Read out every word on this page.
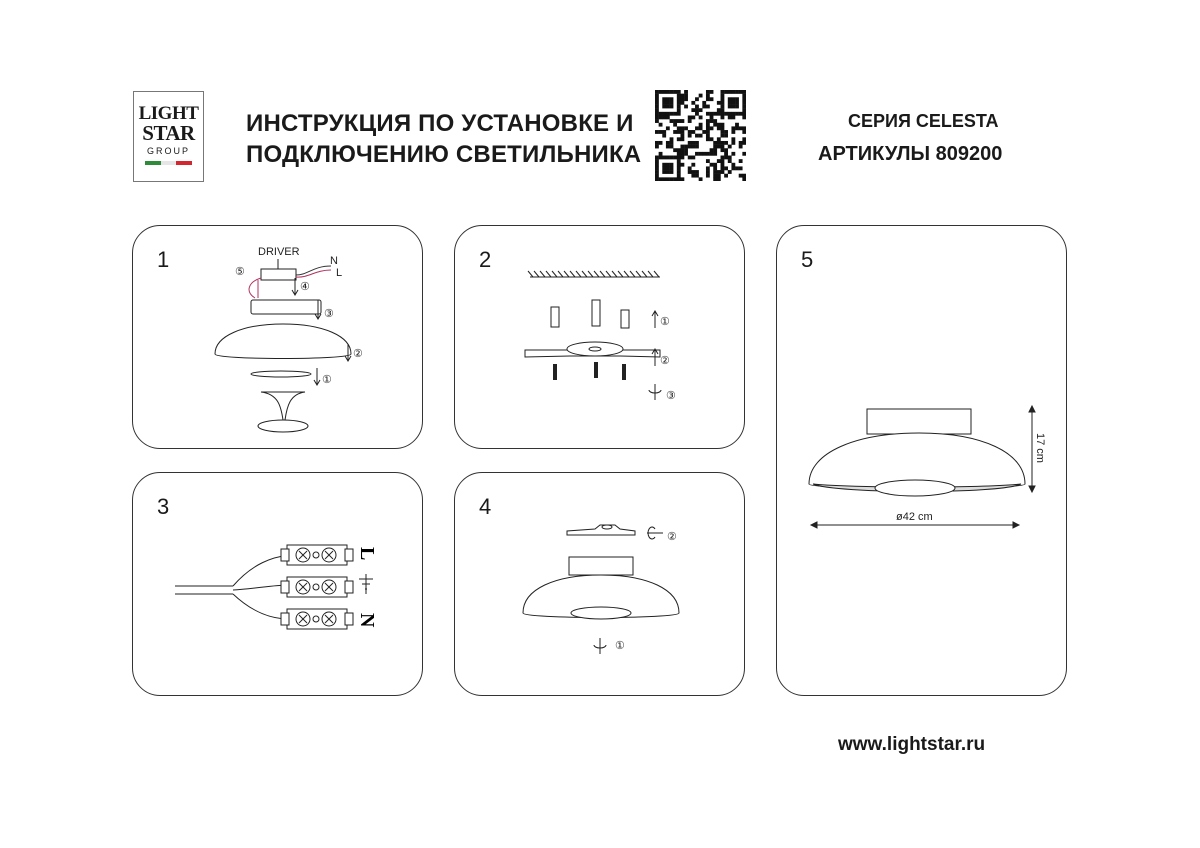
LIGHT
STAR
GROUP
ИНСТРУКЦИЯ ПО УСТАНОВКЕ И
ПОДКЛЮЧЕНИЮ СВЕТИЛЬНИКА
СЕРИЯ CELESTA
АРТИКУЛЫ 809200
1	DRIVER
N
L
⑤
④
③
②
①
2
①
②
③
3
L
N
4
②
①
5
17 cm
ø42 cm
www.lightstar.ru
